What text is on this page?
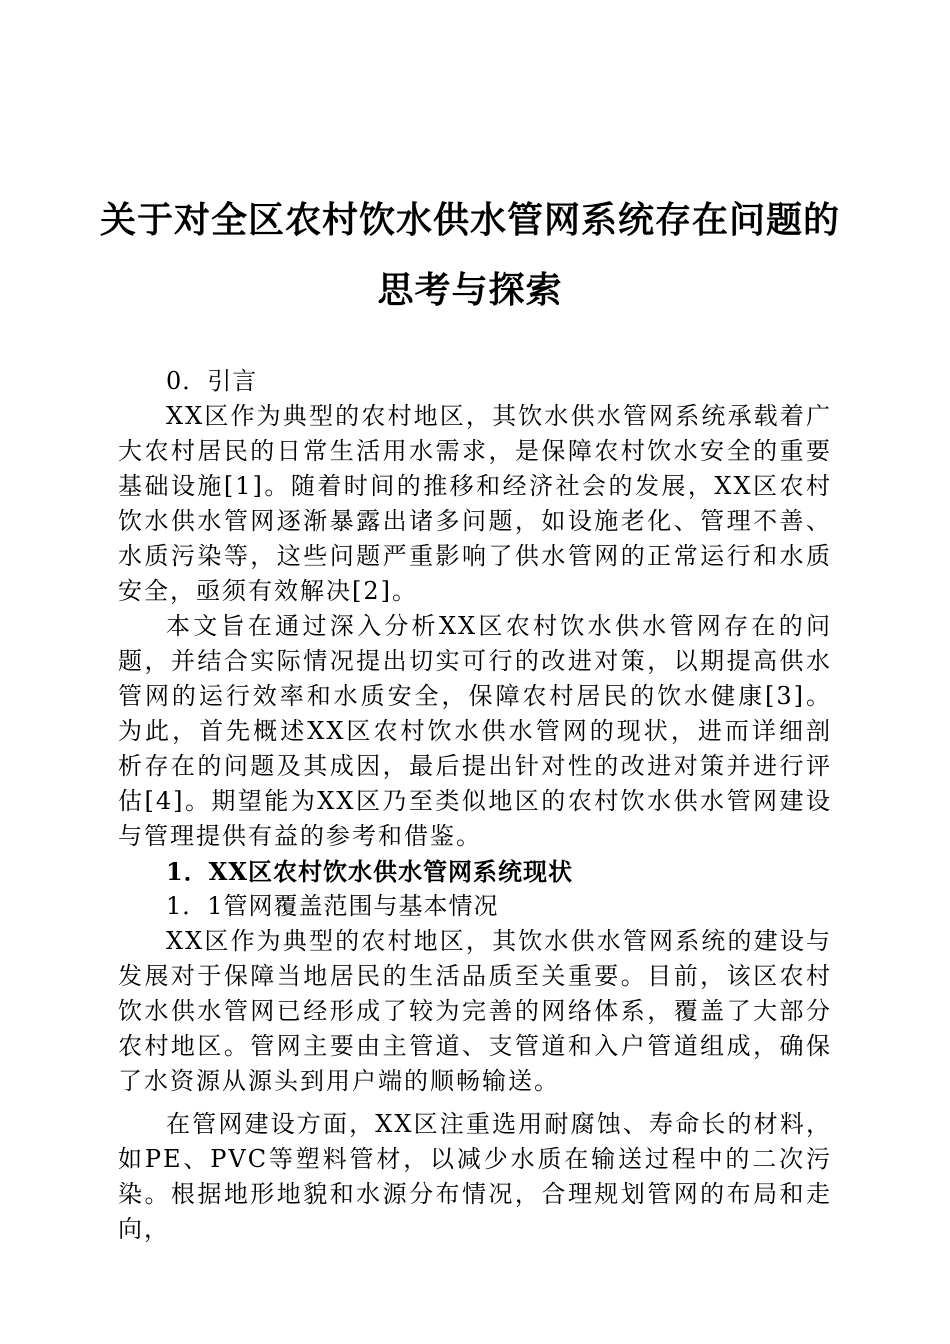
关于对全区农村饮水供水管网系统存在问题的
思考与探索

0．引言

XX区作为典型的农村地区，其饮水供水管网系统承载着广大农村居民的日常生活用水需求，是保障农村饮水安全的重要基础设施[1]。随着时间的推移和经济社会的发展，XX区农村饮水供水管网逐渐暴露出诸多问题，如设施老化、管理不善、水质污染等，这些问题严重影响了供水管网的正常运行和水质安全，亟须有效解决[2]。

本文旨在通过深入分析XX区农村饮水供水管网存在的问题，并结合实际情况提出切实可行的改进对策，以期提高供水管网的运行效率和水质安全，保障农村居民的饮水健康[3]。为此，首先概述XX区农村饮水供水管网的现状，进而详细剖析存在的问题及其成因，最后提出针对性的改进对策并进行评估[4]。期望能为XX区乃至类似地区的农村饮水供水管网建设与管理提供有益的参考和借鉴。

1．XX区农村饮水供水管网系统现状

1．1管网覆盖范围与基本情况

XX区作为典型的农村地区，其饮水供水管网系统的建设与发展对于保障当地居民的生活品质至关重要。目前，该区农村饮水供水管网已经形成了较为完善的网络体系，覆盖了大部分农村地区。管网主要由主管道、支管道和入户管道组成，确保了水资源从源头到用户端的顺畅输送。

在管网建设方面，XX区注重选用耐腐蚀、寿命长的材料，如PE、PVC等塑料管材，以减少水质在输送过程中的二次污染。根据地形地貌和水源分布情况，合理规划管网的布局和走向，
